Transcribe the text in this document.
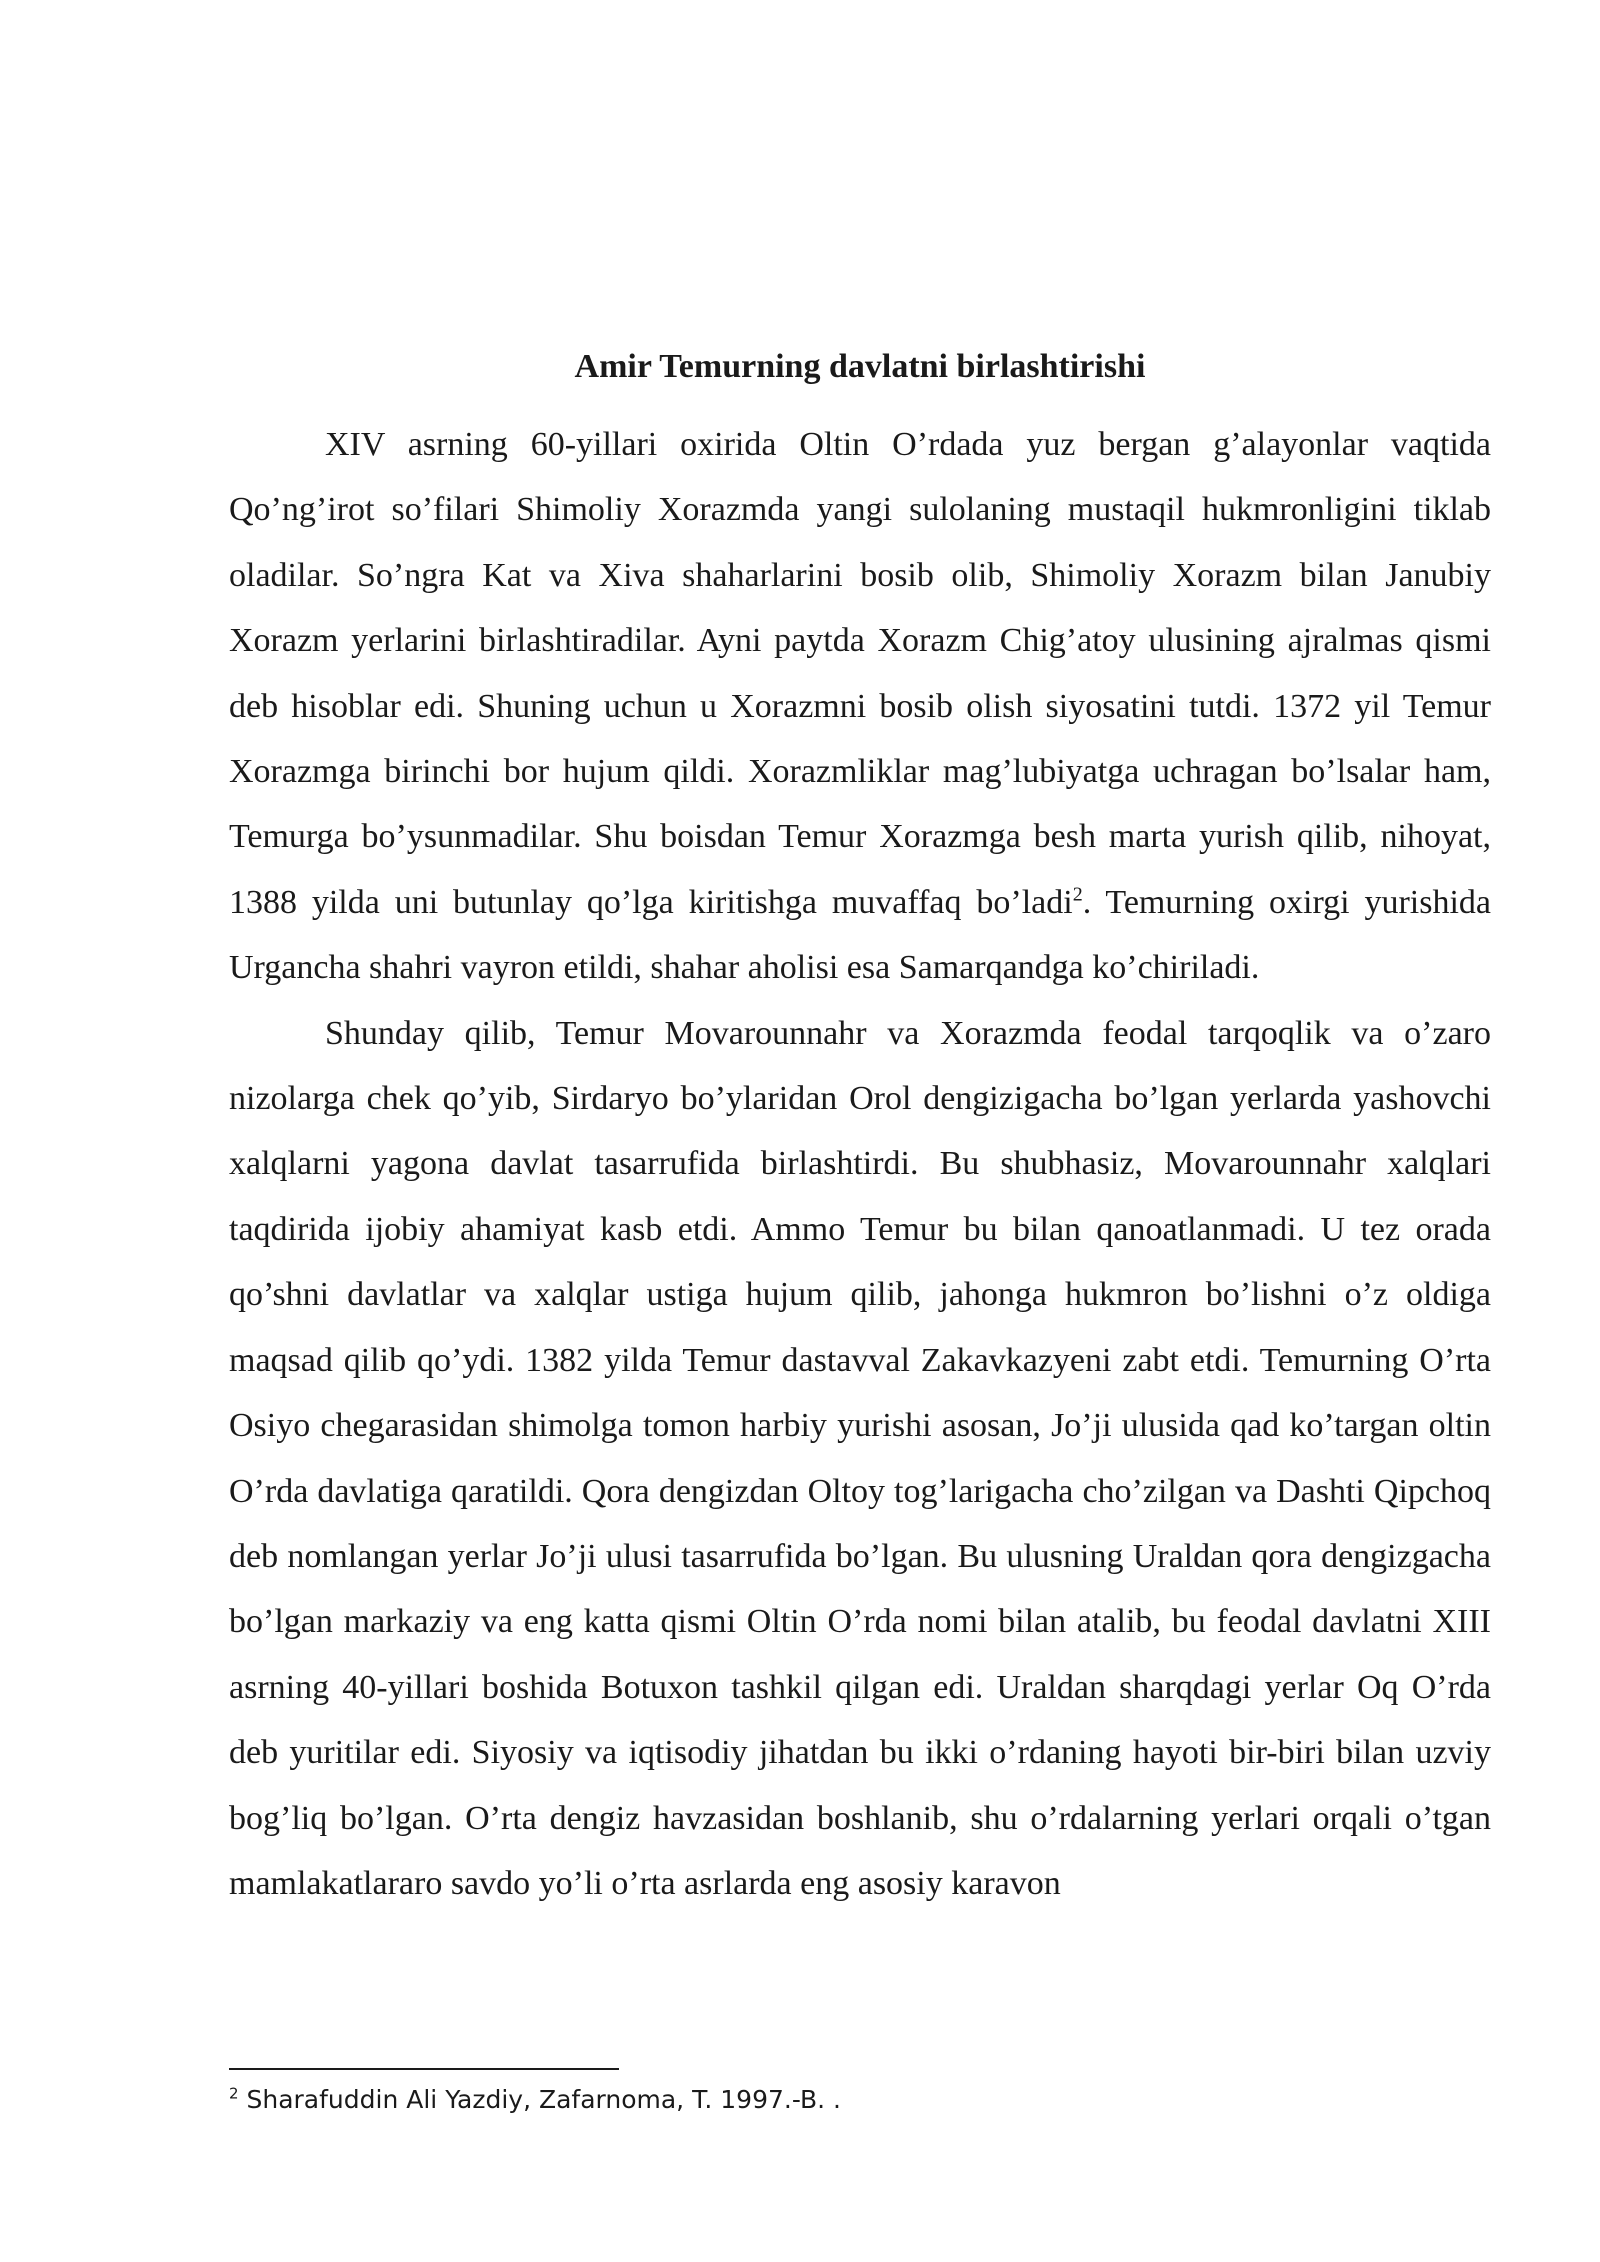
Amir Temurning davlatni birlashtirishi

XIV asrning 60-yillari oxirida Oltin O’rdada yuz bergan g’alayonlar vaqtida Qo’ng’irot so’filari Shimoliy Xorazmda yangi sulolaning mustaqil hukmronligini tiklab oladilar. So’ngra Kat va Xiva shaharlarini bosib olib, Shimoliy Xorazm bilan Janubiy Xorazm yerlarini birlashtiradilar. Ayni paytda Xorazm Chig’atoy ulusining ajralmas qismi deb hisoblar edi. Shuning uchun u Xorazmni bosib olish siyosatini tutdi. 1372 yil Temur Xorazmga birinchi bor hujum qildi. Xorazmliklar mag’lubiyatga uchragan bo’lsalar ham, Temurga bo’ysunmadilar. Shu boisdan Temur Xorazmga besh marta yurish qilib, nihoyat, 1388 yilda uni butunlay qo’lga kiritishga muvaffaq bo’ladi$^2$. Temurning oxirgi yurishida Urgancha shahri vayron etildi, shahar aholisi esa Samarqandga ko’chiriladi.

Shunday qilib, Temur Movarounnahr va Xorazmda feodal tarqoqlik va o’zaro nizolarga chek qo’yib, Sirdaryo bo’ylaridan Orol dengizigacha bo’lgan yerlarda yashovchi xalqlarni yagona davlat tasarrufida birlashtirdi. Bu shubhasiz, Movarounnahr xalqlari taqdirida ijobiy ahamiyat kasb etdi. Ammo Temur bu bilan qanoatlanmadi. U tez orada qo’shni davlatlar va xalqlar ustiga hujum qilib, jahonga hukmron bo’lishni o’z oldiga maqsad qilib qo’ydi. 1382 yilda Temur dastavval Zakavkazyeni zabt etdi. Temurning O’rta Osiyo chegarasidan shimolga tomon harbiy yurishi asosan, Jo’ji ulusida qad ko’targan oltin O’rda davlatiga qaratildi. Qora dengizdan Oltoy tog’larigacha cho’zilgan va Dashti Qipchoq deb nomlangan yerlar Jo’ji ulusi tasarrufida bo’lgan. Bu ulusning Uraldan qora dengizgacha bo’lgan markaziy va eng katta qismi Oltin O’rda nomi bilan atalib, bu feodal davlatni XIII asrning 40-yillari boshida Botuxon tashkil qilgan edi. Uraldan sharqdagi yerlar Oq O’rda deb yuritilar edi. Siyosiy va iqtisodiy jihatdan bu ikki o’rdaning hayoti bir-biri bilan uzviy bog’liq bo’lgan. O’rta dengiz havzasidan boshlanib, shu o’rdalarning yerlari orqali o’tgan mamlakatlararo savdo yo’li o’rta asrlarda eng asosiy karavon

$^2$ Sharafuddin Ali Yazdiy, Zafarnoma, T. 1997.-B. .
